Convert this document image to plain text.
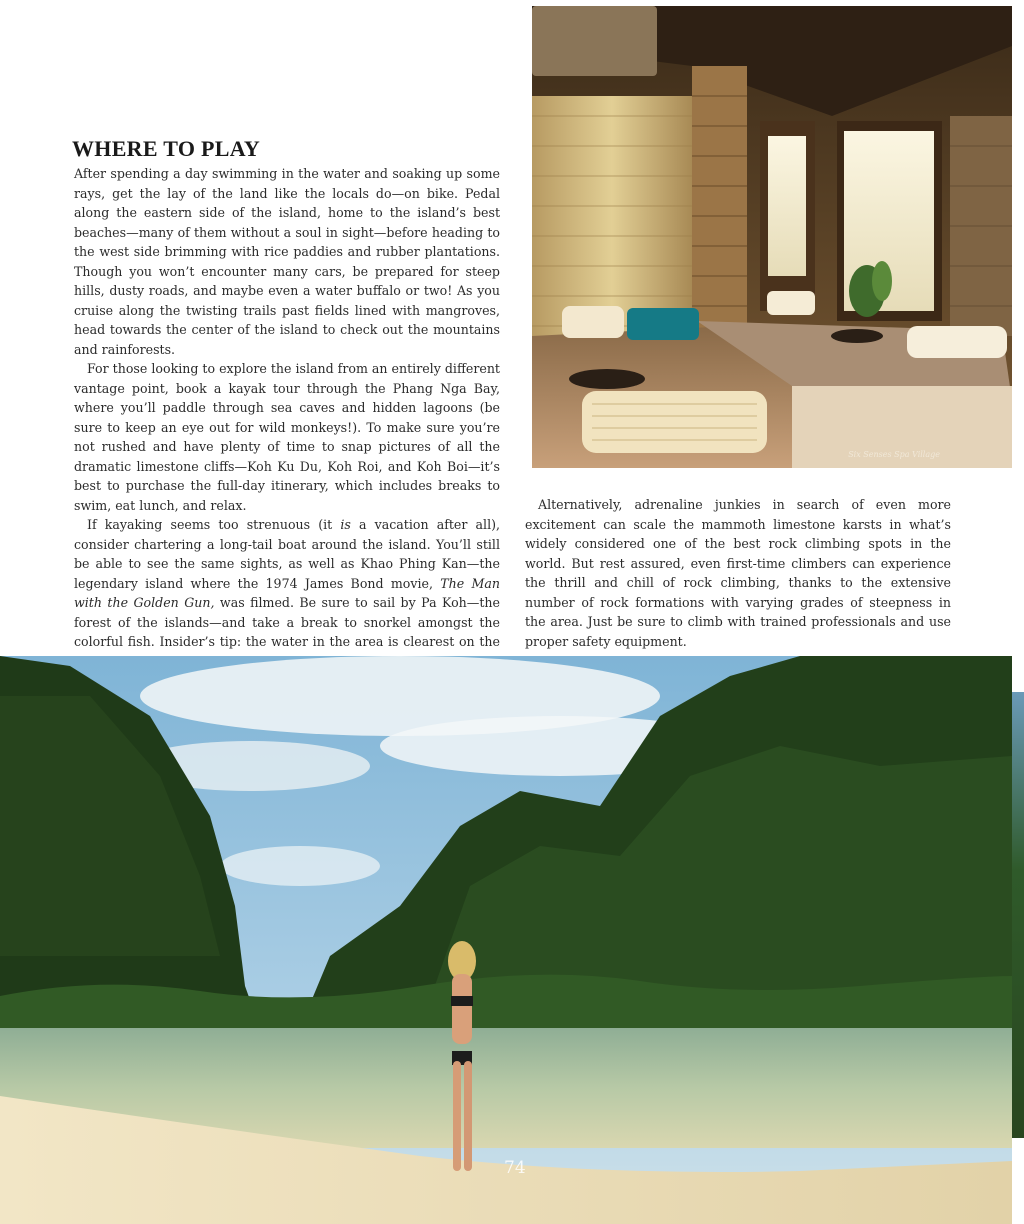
WHERE TO PLAY

After spending a day swimming in the water and soaking up some rays, get the lay of the land like the locals do—on bike. Pedal along the eastern side of the island, home to the island’s best beaches—many of them without a soul in sight—before heading to the west side brimming with rice paddies and rubber plantations. Though you won’t encounter many cars, be prepared for steep hills, dusty roads, and maybe even a water buffalo or two! As you cruise along the twisting trails past fields lined with mangroves, head towards the center of the island to check out the mountains and rainforests.

For those looking to explore the island from an entirely different vantage point, book a kayak tour through the Phang Nga Bay, where you’ll paddle through sea caves and hidden lagoons (be sure to keep an eye out for wild monkeys!). To make sure you’re not rushed and have plenty of time to snap pictures of all the dramatic limestone cliffs—Koh Ku Du, Koh Roi, and Koh Boi—it’s best to purchase the full-day itinerary, which includes breaks to swim, eat lunch, and relax.

If kayaking seems too strenuous (it is a vacation after all), consider chartering a long-tail boat around the island. You’ll still be able to see the same sights, as well as Khao Phing Kan—the legendary island where the 1974 James Bond movie, The Man with the Golden Gun, was filmed. Be sure to sail by Pa Koh—the forest of the islands—and take a break to snorkel amongst the colorful fish. Insider’s tip: the water in the area is clearest on the

Six Senses Spa Village

Alternatively, adrenaline junkies in search of even more excitement can scale the mammoth limestone karsts in what’s widely considered one of the best rock climbing spots in the world. But rest assured, even first-time climbers can experience the thrill and chill of rock climbing, thanks to the extensive number of rock formations with varying grades of steepness in the area. Just be sure to climb with trained professionals and use proper safety equipment.

74
